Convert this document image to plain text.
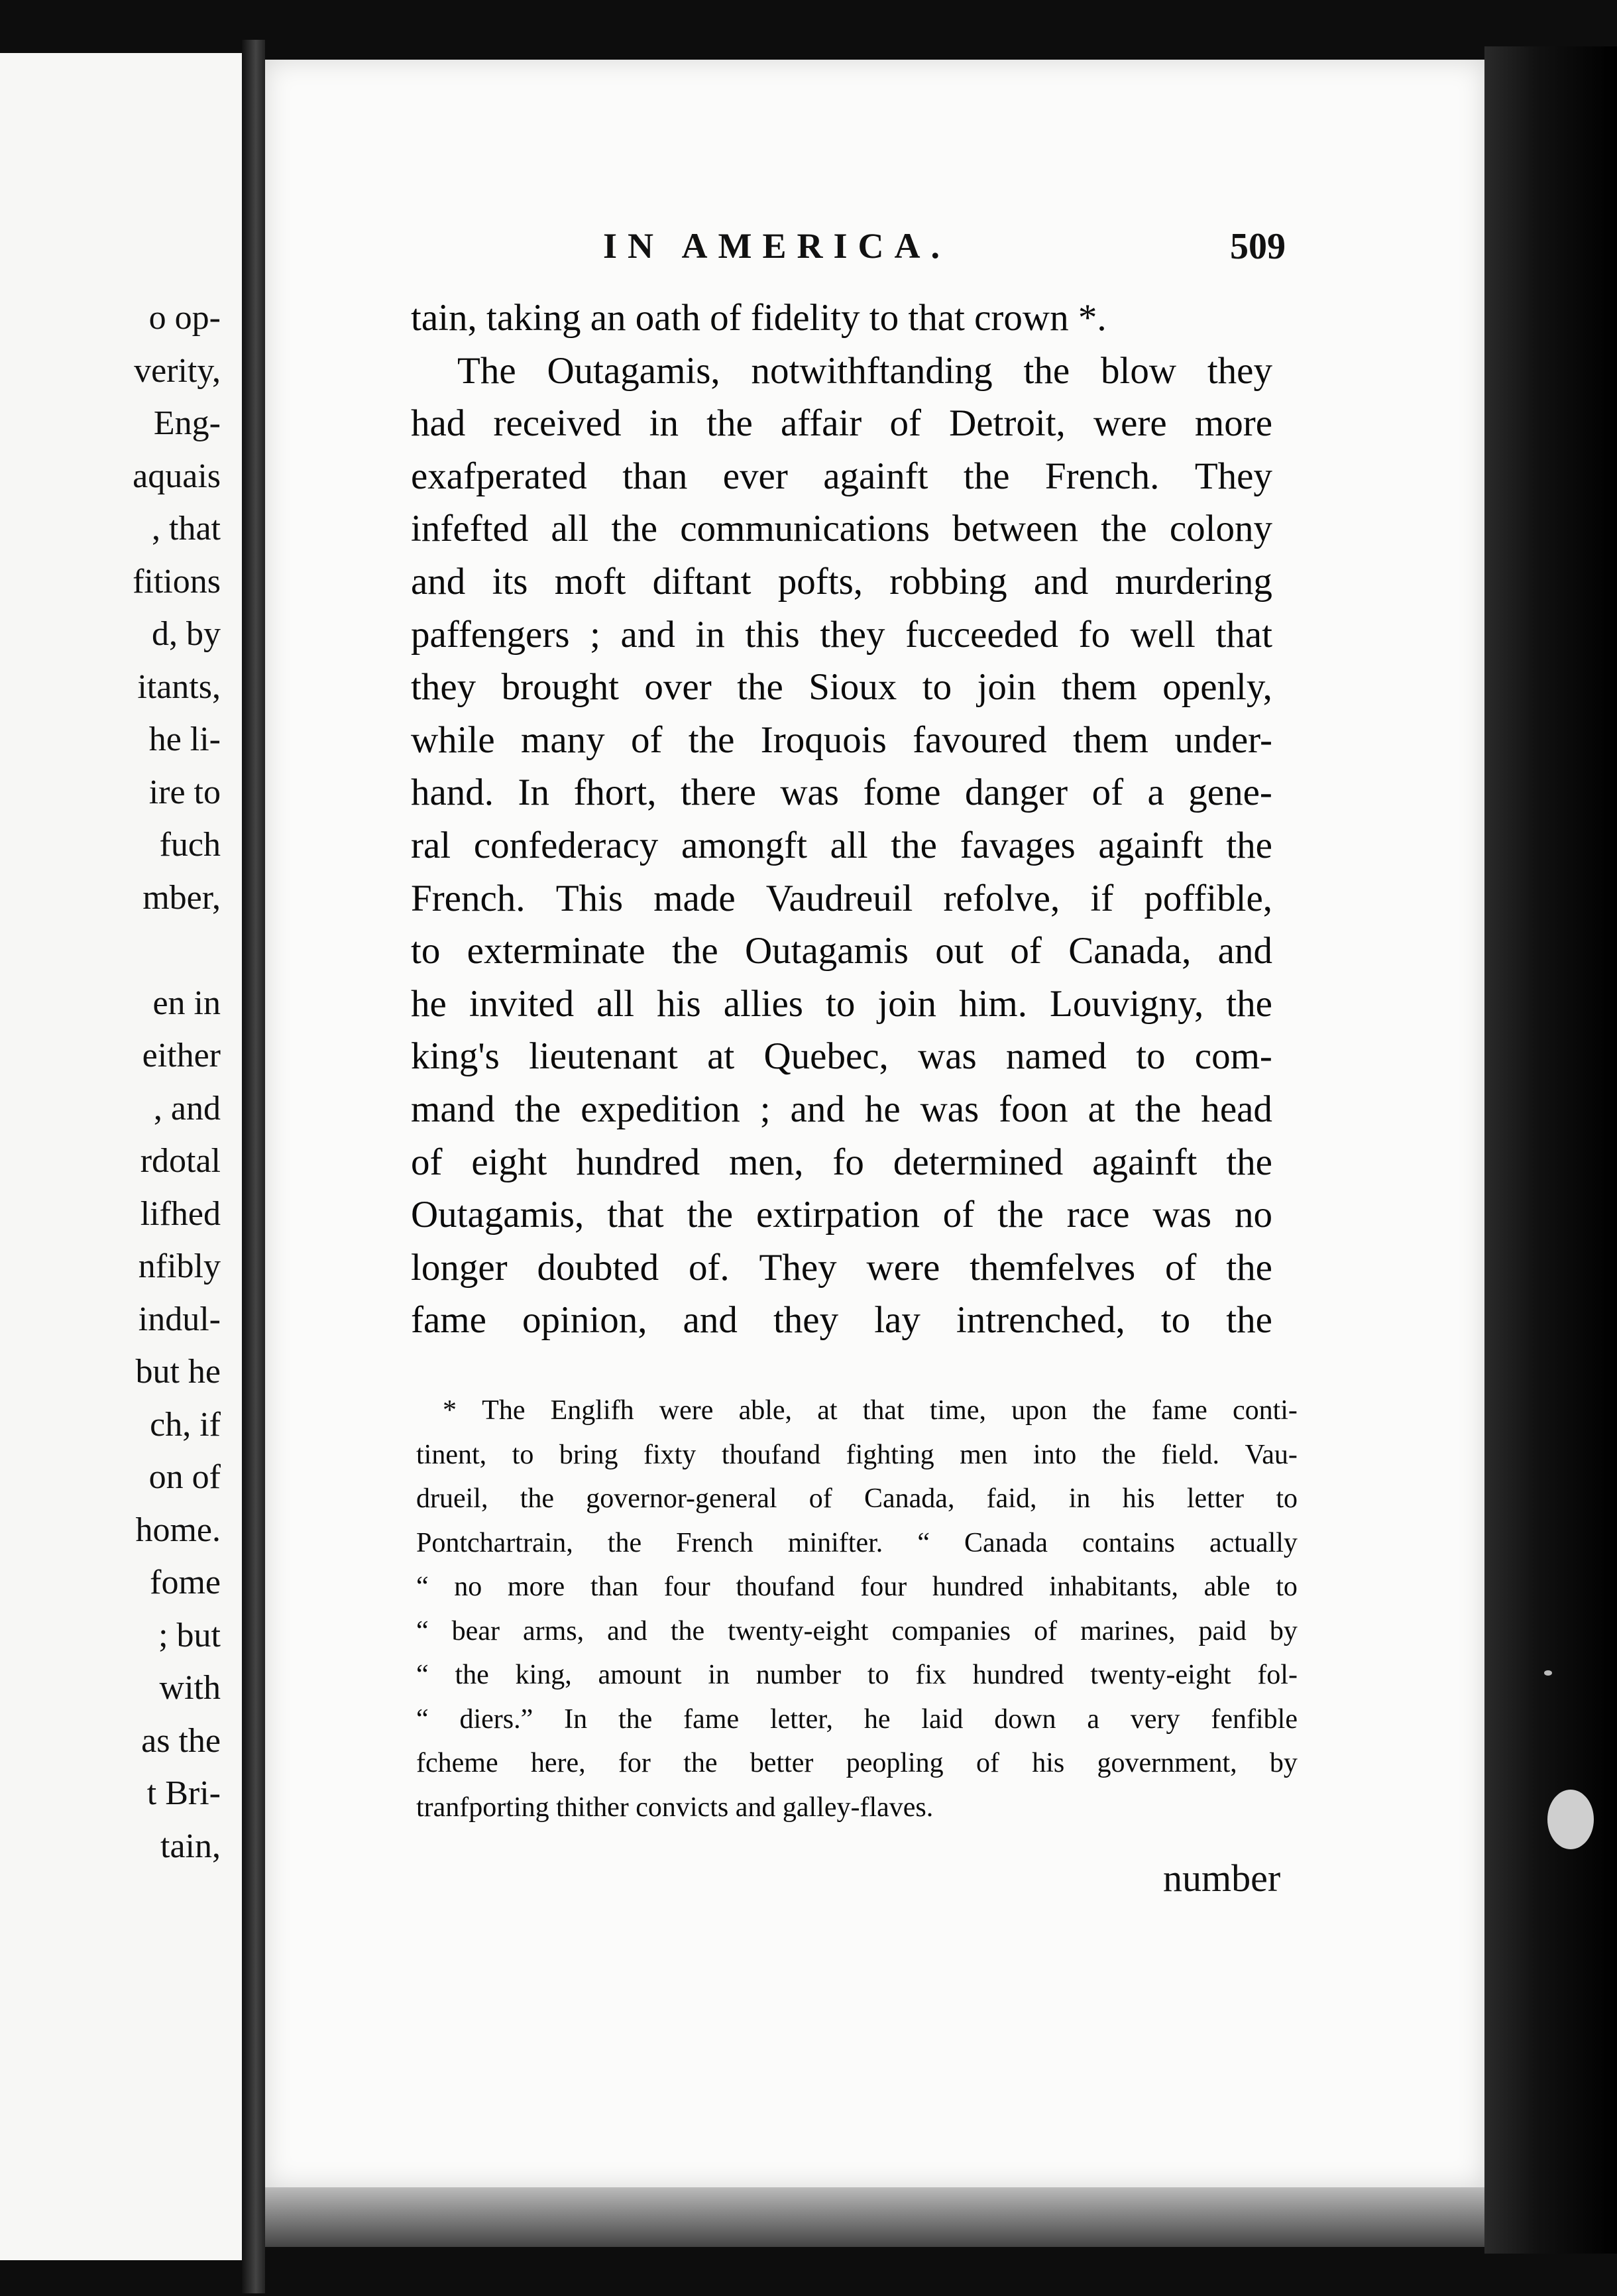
o op-
verity,
Eng-
aquais
, that
fitions
d, by
itants,
he li-
ire to
fuch
mber,

en in
either
, and
rdotal
lifhed
nfibly
indul-
but he
ch, if
on of
home.
fome
; but
with
as the
t Bri-
tain,
IN AMERICA.	509
tain, taking an oath of fidelity to that crown *.
The Outagamis, notwithftanding the blow they
had received in the affair of Detroit, were more
exafperated than ever againft the French. They
infefted all the communications between the colony
and its moft diftant pofts, robbing and murdering
paffengers ; and in this they fucceeded fo well that
they brought over the Sioux to join them openly,
while many of the Iroquois favoured them under-
hand. In fhort, there was fome danger of a gene-
ral confederacy amongft all the favages againft the
French. This made Vaudreuil refolve, if poffible,
to exterminate the Outagamis out of Canada, and
he invited all his allies to join him. Louvigny, the
king's lieutenant at Quebec, was named to com-
mand the expedition ; and he was foon at the head
of eight hundred men, fo determined againft the
Outagamis, that the extirpation of the race was no
longer doubted of. They were themfelves of the
fame opinion, and they lay intrenched, to the
* The Englifh were able, at that time, upon the fame conti-
tinent, to bring fixty thoufand fighting men into the field. Vau-
drueil, the governor-general of Canada, faid, in his letter to
Pontchartrain, the French minifter. “ Canada contains actually
“ no more than four thoufand four hundred inhabitants, able to
“ bear arms, and the twenty-eight companies of marines, paid by
“ the king, amount in number to fix hundred twenty-eight fol-
“ diers.” In the fame letter, he laid down a very fenfible
fcheme here, for the better peopling of his government, by
tranfporting thither convicts and galley-flaves.
number
